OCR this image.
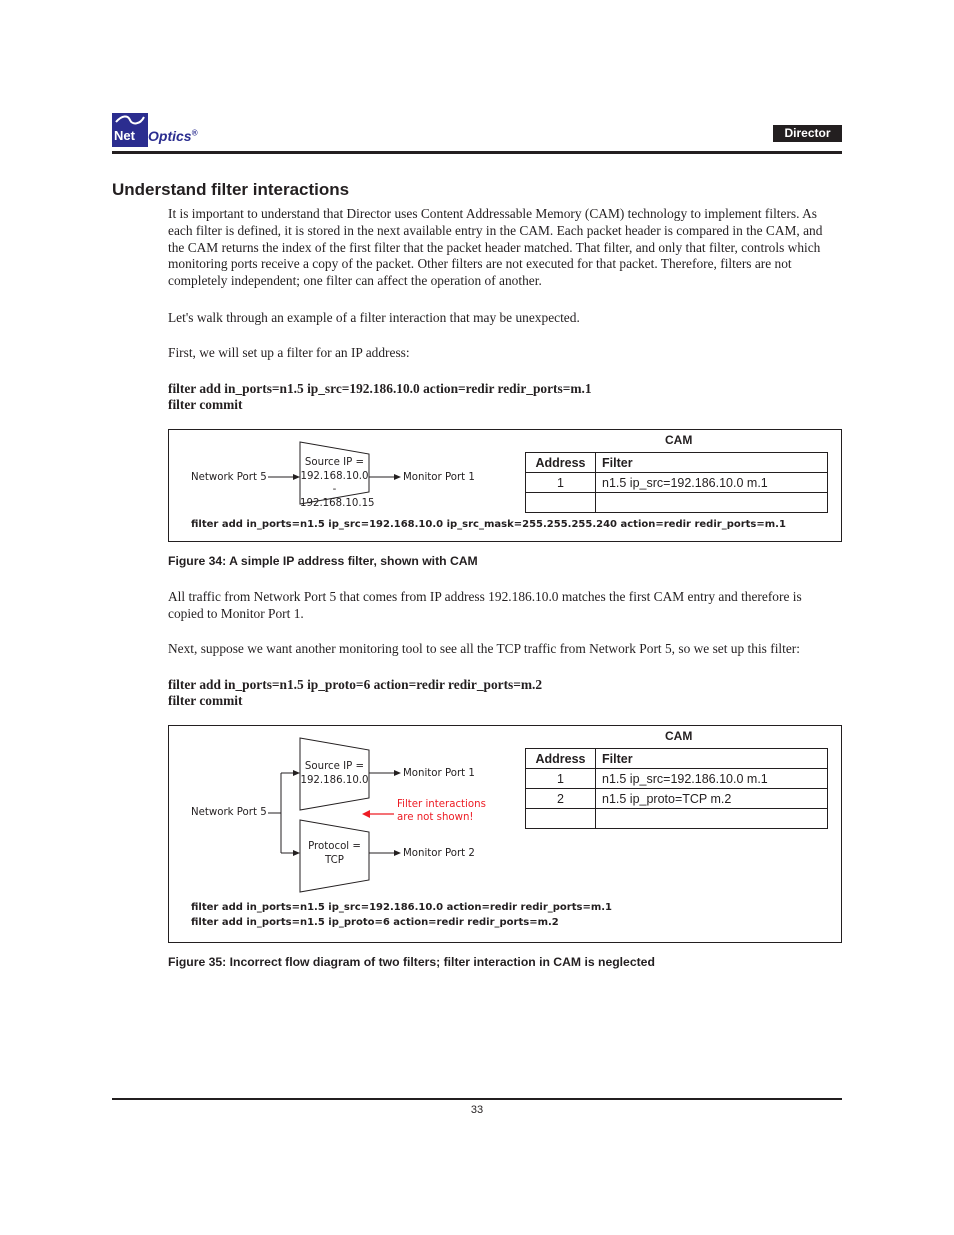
Net Optics®	Director
Understand filter interactions
It is important to understand that Director uses Content Addressable Memory (CAM) technology to implement filters. As each filter is defined, it is stored in the next available entry in the CAM. Each packet header is compared in the CAM, and the CAM returns the index of the first filter that the packet header matched. That filter, and only that filter, controls which monitoring ports receive a copy of the packet. Other filters are not executed for that packet. Therefore, filters are not completely independent; one filter can affect the operation of another.
Let's walk through an example of a filter interaction that may be unexpected.
First, we will set up a filter for an IP address:
filter add in_ports=n1.5 ip_src=192.186.10.0 action=redir redir_ports=m.1
filter commit
Network Port 5
Source IP =
192.168.10.0 -
192.168.10.15
Monitor Port 1
CAM
Address	Filter
1	n1.5 ip_src=192.186.10.0 m.1

filter add in_ports=n1.5 ip_src=192.168.10.0 ip_src_mask=255.255.255.240 action=redir redir_ports=m.1
Figure 34: A simple IP address filter, shown with CAM
All traffic from Network Port 5 that comes from IP address 192.186.10.0 matches the first CAM entry and therefore is copied to Monitor Port 1.
Next, suppose we want another monitoring tool to see all the TCP traffic from Network Port 5, so we set up this filter:
filter add in_ports=n1.5 ip_proto=6 action=redir redir_ports=m.2
filter commit
Network Port 5
Source IP =
192.186.10.0
Protocol =
TCP
Monitor Port 1
Monitor Port 2
Filter interactions
are not shown!
CAM
Address	Filter
1	n1.5 ip_src=192.186.10.0 m.1
2	n1.5 ip_proto=TCP m.2

filter add in_ports=n1.5 ip_src=192.186.10.0 action=redir redir_ports=m.1
filter add in_ports=n1.5 ip_proto=6 action=redir redir_ports=m.2
Figure 35: Incorrect flow diagram of two filters; filter interaction in CAM is neglected
33
